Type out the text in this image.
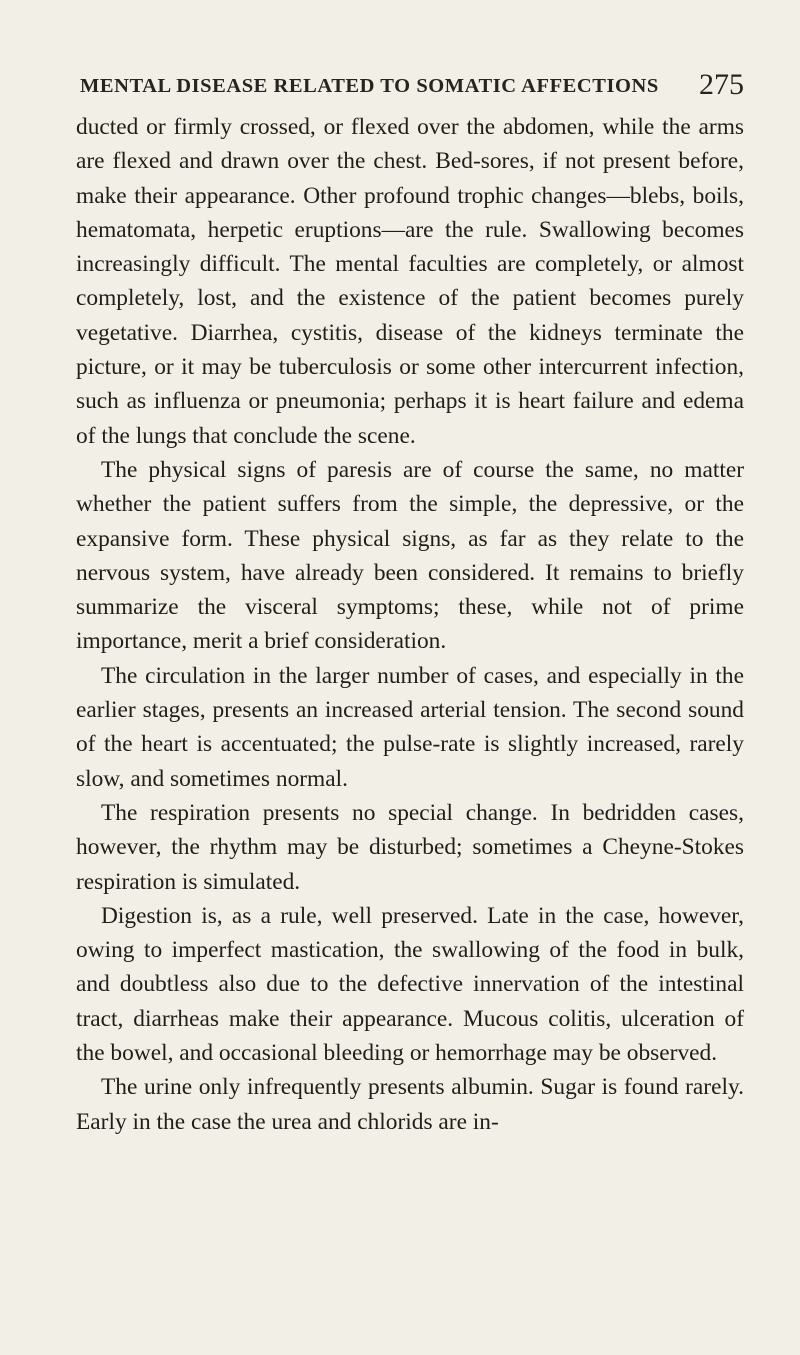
MENTAL DISEASE RELATED TO SOMATIC AFFECTIONS 275

ducted or firmly crossed, or flexed over the abdomen, while the arms are flexed and drawn over the chest. Bed-sores, if not present before, make their appearance. Other profound trophic changes—blebs, boils, hematomata, herpetic eruptions—are the rule. Swallowing becomes increasingly difficult. The mental faculties are completely, or almost completely, lost, and the existence of the patient becomes purely vegetative. Diarrhea, cystitis, disease of the kidneys terminate the picture, or it may be tuberculosis or some other intercurrent infection, such as influenza or pneumonia; perhaps it is heart failure and edema of the lungs that conclude the scene.

The physical signs of paresis are of course the same, no matter whether the patient suffers from the simple, the depressive, or the expansive form. These physical signs, as far as they relate to the nervous system, have already been considered. It remains to briefly summarize the visceral symptoms; these, while not of prime importance, merit a brief consideration.

The circulation in the larger number of cases, and especially in the earlier stages, presents an increased arterial tension. The second sound of the heart is accentuated; the pulse-rate is slightly increased, rarely slow, and sometimes normal.

The respiration presents no special change. In bedridden cases, however, the rhythm may be disturbed; sometimes a Cheyne-Stokes respiration is simulated.

Digestion is, as a rule, well preserved. Late in the case, however, owing to imperfect mastication, the swallowing of the food in bulk, and doubtless also due to the defective innervation of the intestinal tract, diarrheas make their appearance. Mucous colitis, ulceration of the bowel, and occasional bleeding or hemorrhage may be observed.

The urine only infrequently presents albumin. Sugar is found rarely. Early in the case the urea and chlorids are in-
